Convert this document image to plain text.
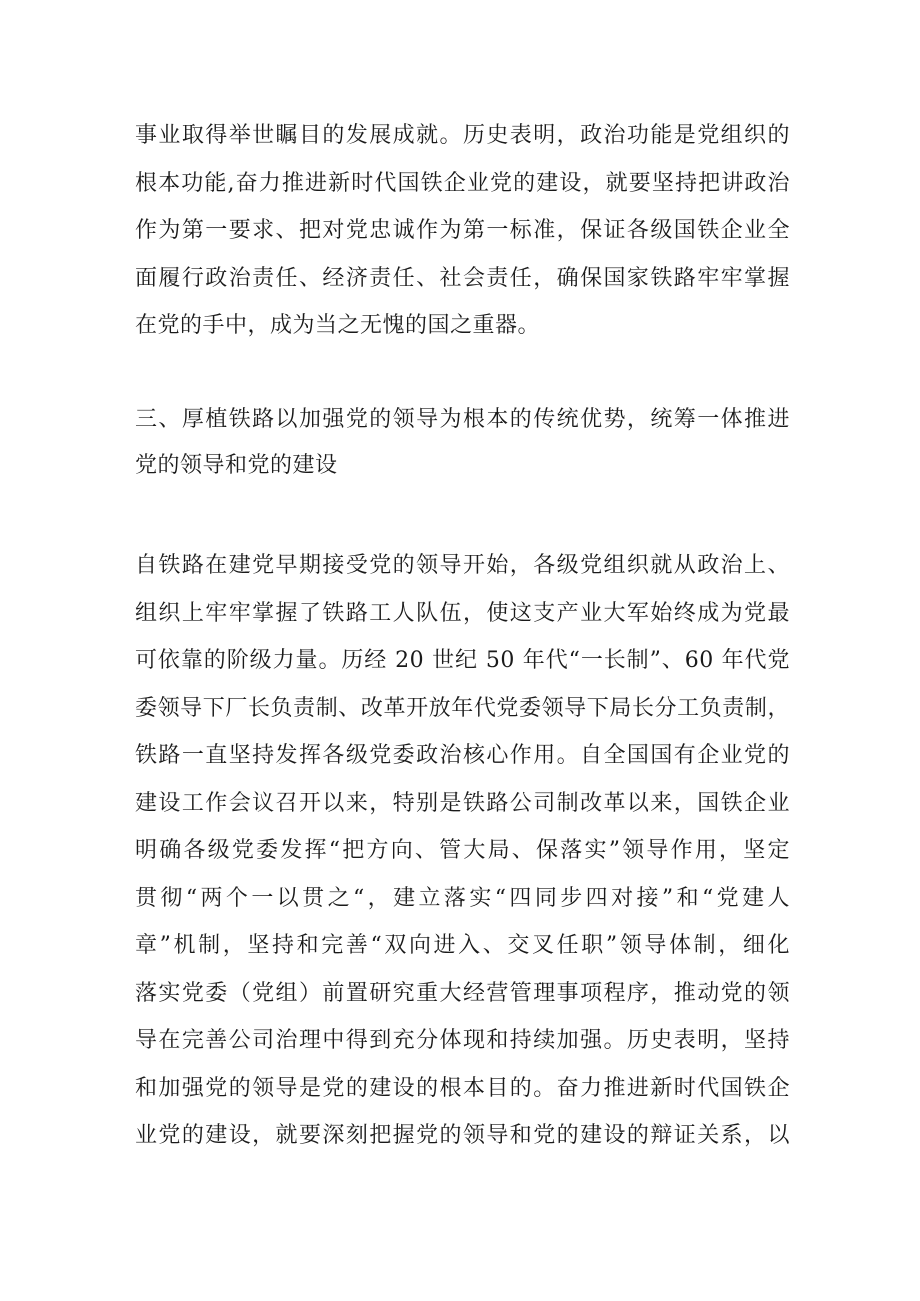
事业取得举世瞩目的发展成就。历史表明，政治功能是党组织的
根本功能,奋力推进新时代国铁企业党的建设，就要坚持把讲政治
作为第一要求、把对党忠诚作为第一标准，保证各级国铁企业全
面履行政治责任、经济责任、社会责任，确保国家铁路牢牢掌握
在党的手中，成为当之无愧的国之重器。
三、厚植铁路以加强党的领导为根本的传统优势，统筹一体推进
党的领导和党的建设
自铁路在建党早期接受党的领导开始，各级党组织就从政治上、
组织上牢牢掌握了铁路工人队伍，使这支产业大军始终成为党最
可依靠的阶级力量。历经 20 世纪 50 年代“一长制”、60 年代党
委领导下厂长负责制、改革开放年代党委领导下局长分工负责制，
铁路一直坚持发挥各级党委政治核心作用。自全国国有企业党的
建设工作会议召开以来，特别是铁路公司制改革以来，国铁企业
明确各级党委发挥“把方向、管大局、保落实”领导作用，坚定
贯彻“两个一以贯之“，建立落实“四同步四对接”和“党建人
章”机制，坚持和完善“双向进入、交叉任职”领导体制，细化
落实党委（党组）前置研究重大经营管理事项程序，推动党的领
导在完善公司治理中得到充分体现和持续加强。历史表明，坚持
和加强党的领导是党的建设的根本目的。奋力推进新时代国铁企
业党的建设，就要深刻把握党的领导和党的建设的辩证关系，以
